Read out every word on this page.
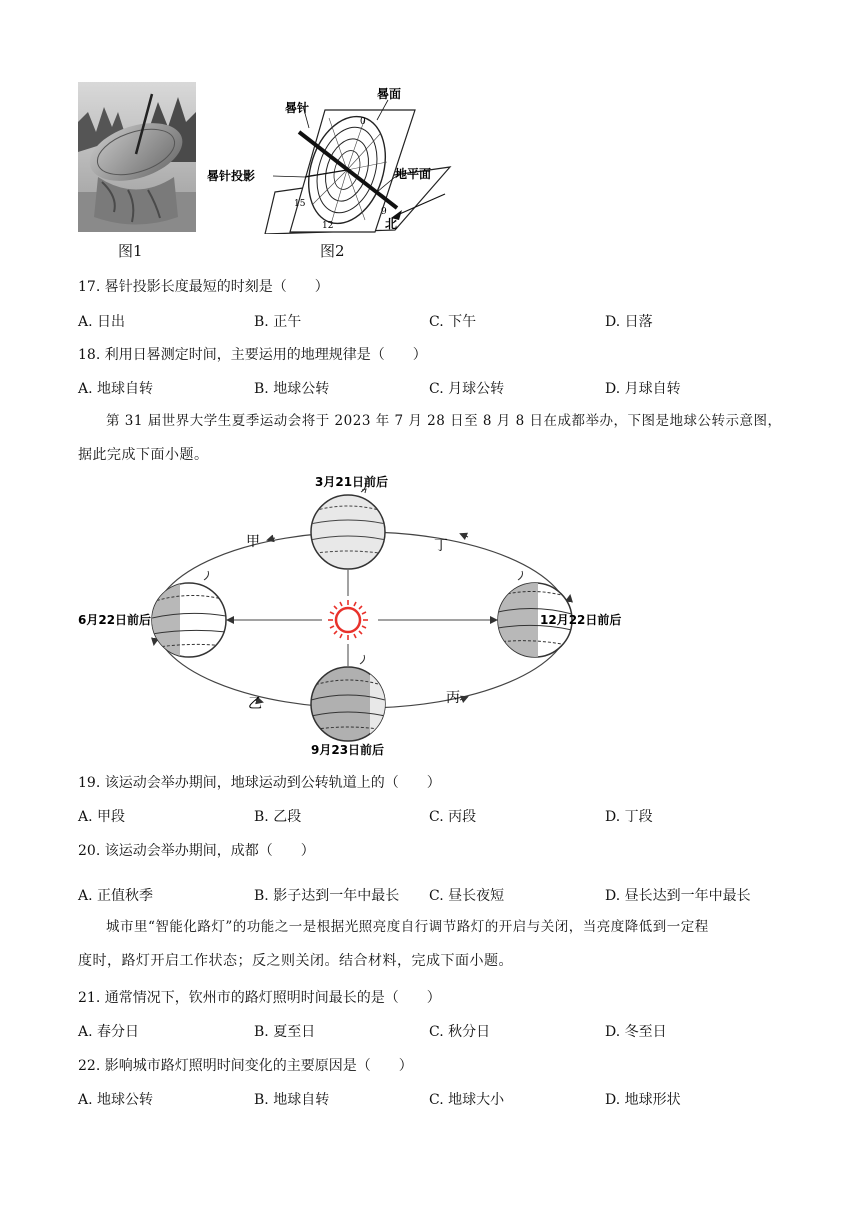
图1
晷针
晷面
晷针投影	地平面
北
0
12
15
9
图2
17. 晷针投影长度最短的时刻是（　　）
A. 日出	B. 正午	C. 下午	D. 日落
18. 利用日晷测定时间，主要运用的地理规律是（　　）
A. 地球自转	B. 地球公转	C. 月球公转	D. 月球自转
第 31 届世界大学生夏季运动会将于 2023 年 7 月 28 日至 8 月 8 日在成都举办，下图是地球公转示意图，
据此完成下面小题。
3月21日前后
6月22日前后	12月22日前后
9月23日前后
甲
乙	丙
丁
19. 该运动会举办期间，地球运动到公转轨道上的（　　）
A. 甲段	B. 乙段	C. 丙段	D. 丁段
20. 该运动会举办期间，成都（　　）
A. 正值秋季	B. 影子达到一年中最长 C. 昼长夜短	D. 昼长达到一年中最长
城市里“智能化路灯”的功能之一是根据光照亮度自行调节路灯的开启与关闭，当亮度降低到一定程
度时，路灯开启工作状态；反之则关闭。结合材料，完成下面小题。
21. 通常情况下，钦州市的路灯照明时间最长的是（　　）
A. 春分日	B. 夏至日	C. 秋分日	D. 冬至日
22. 影响城市路灯照明时间变化的主要原因是（　　）
A. 地球公转	B. 地球自转	C. 地球大小	D. 地球形状
